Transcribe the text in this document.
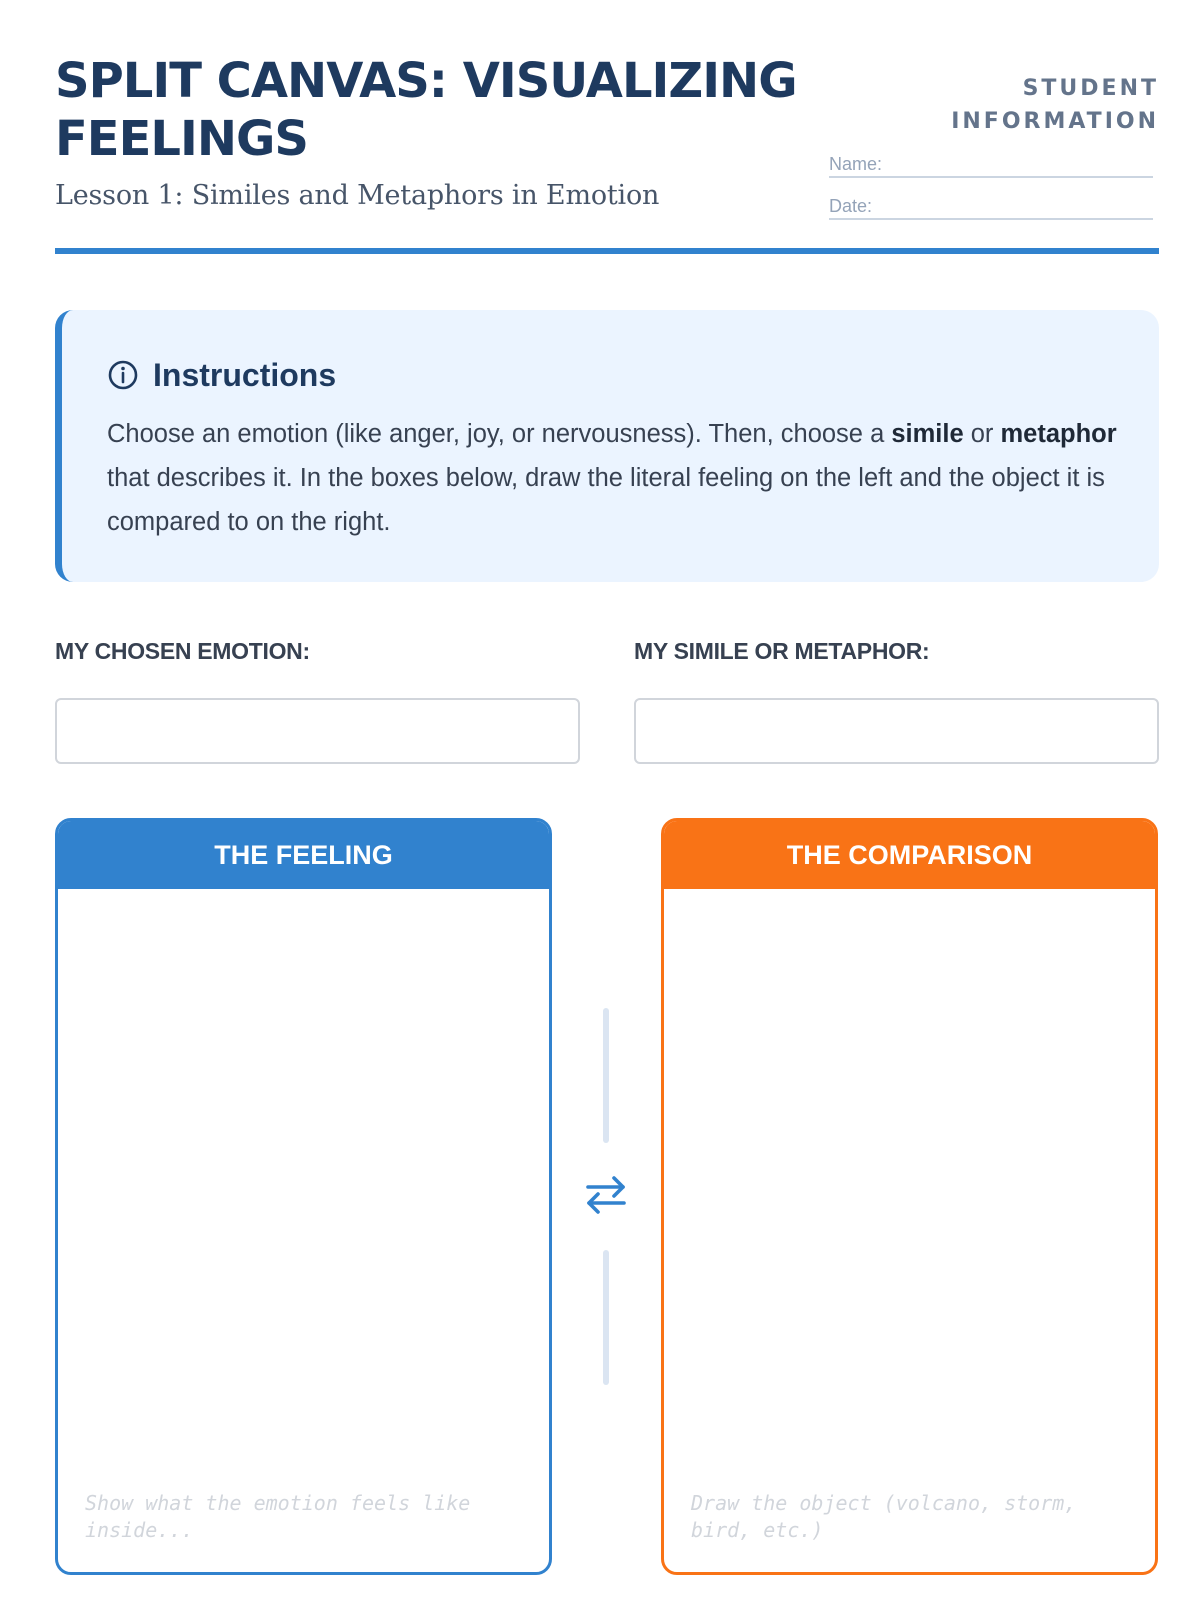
SPLIT CANVAS: VISUALIZING FEELINGS
Lesson 1: Similes and Metaphors in Emotion
STUDENT INFORMATION
Name:
Date:
Instructions

Choose an emotion (like anger, joy, or nervousness). Then, choose a simile or metaphor that describes it. In the boxes below, draw the literal feeling on the left and the object it is compared to on the right.

MY CHOSEN EMOTION:	MY SIMILE OR METAPHOR:
THE FEELING
Show what the emotion feels like inside...
THE COMPARISON
Draw the object (volcano, storm, bird, etc.)
